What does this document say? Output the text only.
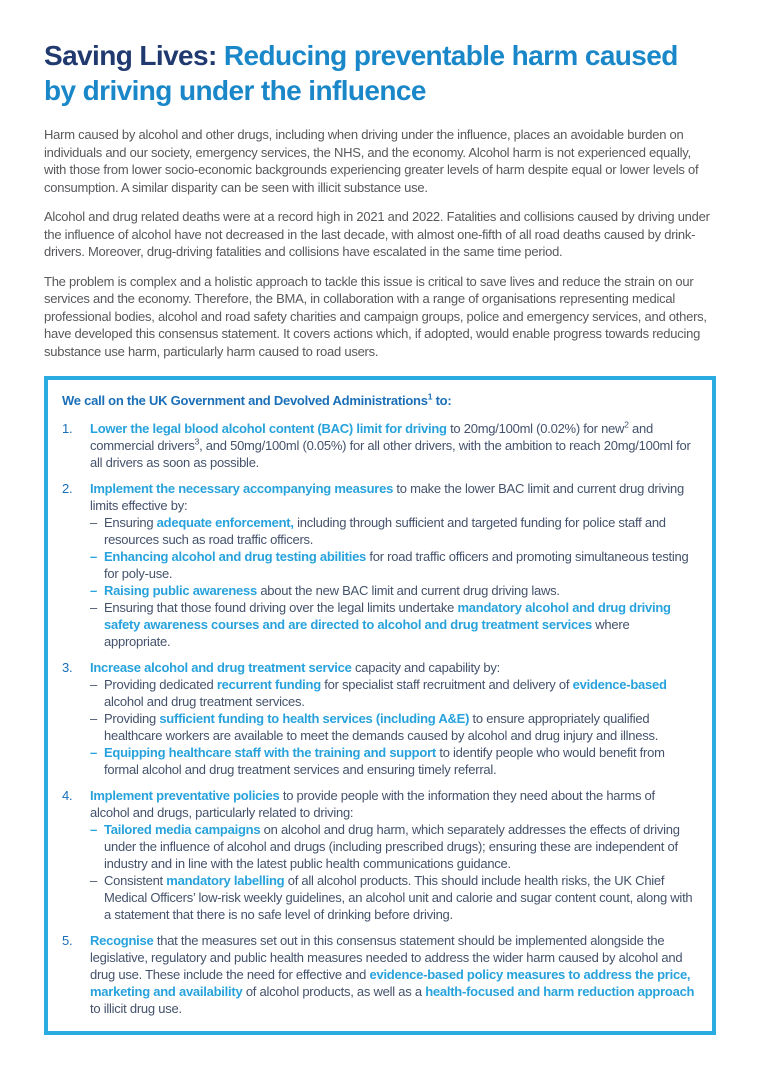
Saving Lives: Reducing preventable harm caused by driving under the influence

Harm caused by alcohol and other drugs, including when driving under the influence, places an avoidable burden on individuals and our society, emergency services, the NHS, and the economy. Alcohol harm is not experienced equally, with those from lower socio-economic backgrounds experiencing greater levels of harm despite equal or lower levels of consumption. A similar disparity can be seen with illicit substance use.

Alcohol and drug related deaths were at a record high in 2021 and 2022. Fatalities and collisions caused by driving under the influence of alcohol have not decreased in the last decade, with almost one-fifth of all road deaths caused by drink-drivers. Moreover, drug-driving fatalities and collisions have escalated in the same time period.

The problem is complex and a holistic approach to tackle this issue is critical to save lives and reduce the strain on our services and the economy. Therefore, the BMA, in collaboration with a range of organisations representing medical professional bodies, alcohol and road safety charities and campaign groups, police and emergency services, and others, have developed this consensus statement. It covers actions which, if adopted, would enable progress towards reducing substance use harm, particularly harm caused to road users.

We call on the UK Government and Devolved Administrations$^1$ to:
1.	Lower the legal blood alcohol content (BAC) limit for driving to 20mg/100ml (0.02%) for new$^2$ and commercial drivers$^3$, and 50mg/100ml (0.05%) for all other drivers, with the ambition to reach 20mg/100ml for all drivers as soon as possible.
2.	Implement the necessary accompanying measures to make the lower BAC limit and current drug driving limits effective by:
– Ensuring adequate enforcement, including through sufficient and targeted funding for police staff and resources such as road traffic officers.
– Enhancing alcohol and drug testing abilities for road traffic officers and promoting simultaneous testing for poly-use.
– Raising public awareness about the new BAC limit and current drug driving laws.
– Ensuring that those found driving over the legal limits undertake mandatory alcohol and drug driving safety awareness courses and are directed to alcohol and drug treatment services where appropriate.
3.	Increase alcohol and drug treatment service capacity and capability by:
– Providing dedicated recurrent funding for specialist staff recruitment and delivery of evidence-based alcohol and drug treatment services.
– Providing sufficient funding to health services (including A&E) to ensure appropriately qualified healthcare workers are available to meet the demands caused by alcohol and drug injury and illness.
– Equipping healthcare staff with the training and support to identify people who would benefit from formal alcohol and drug treatment services and ensuring timely referral.
4.	Implement preventative policies to provide people with the information they need about the harms of alcohol and drugs, particularly related to driving:
– Tailored media campaigns on alcohol and drug harm, which separately addresses the effects of driving under the influence of alcohol and drugs (including prescribed drugs); ensuring these are independent of industry and in line with the latest public health communications guidance.
– Consistent mandatory labelling of all alcohol products. This should include health risks, the UK Chief Medical Officers’ low-risk weekly guidelines, an alcohol unit and calorie and sugar content count, along with a statement that there is no safe level of drinking before driving.
5.	Recognise that the measures set out in this consensus statement should be implemented alongside the legislative, regulatory and public health measures needed to address the wider harm caused by alcohol and drug use. These include the need for effective and evidence-based policy measures to address the price, marketing and availability of alcohol products, as well as a health-focused and harm reduction approach to illicit drug use.
